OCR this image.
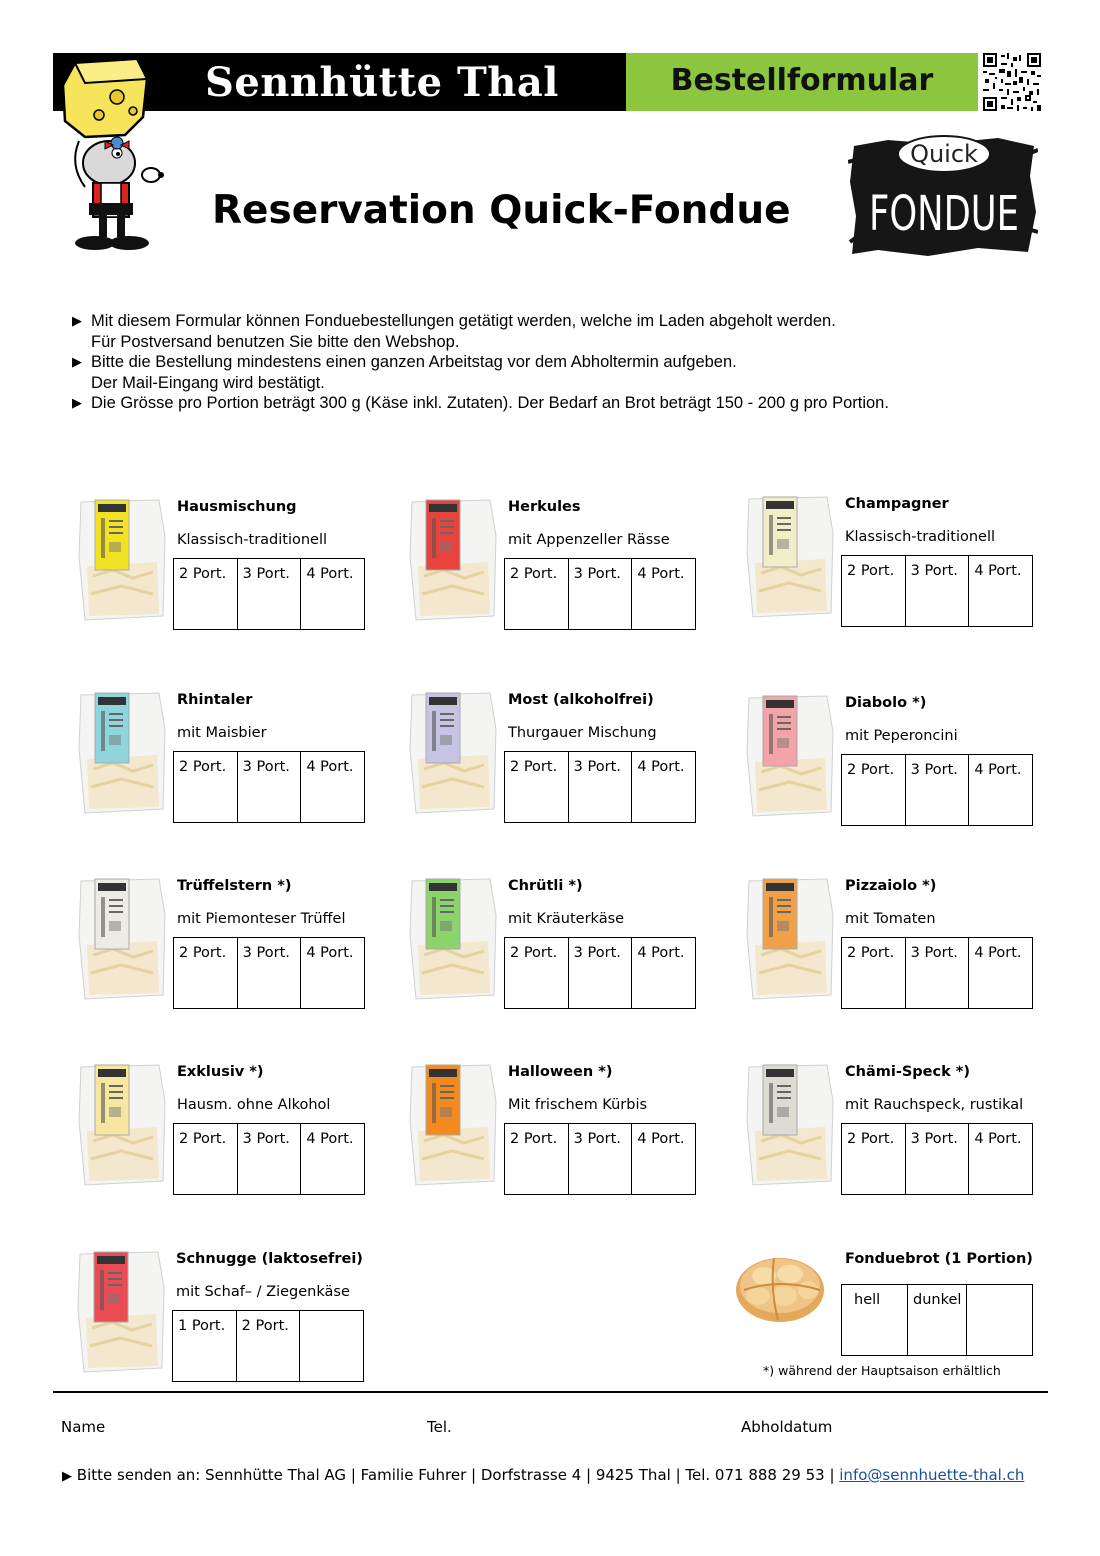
Sennhütte Thal	Bestellformular
Reservation Quick-Fondue
Quick
FONDUE
▶ Mit diesem Formular können Fonduebestellungen getätigt werden, welche im Laden abgeholt werden.
Für Postversand benutzen Sie bitte den Webshop.
▶ Bitte die Bestellung mindestens einen ganzen Arbeitstag vor dem Abholtermin aufgeben.
Der Mail-Eingang wird bestätigt.
▶ Die Grösse pro Portion beträgt 300 g (Käse inkl. Zutaten). Der Bedarf an Brot beträgt 150 - 200 g pro Portion.
Hausmischung
Klassisch-traditionell
2 Port.	3 Port.	4 Port.
Herkules
mit Appenzeller Rässe
2 Port.	3 Port.	4 Port.
Champagner
Klassisch-traditionell
2 Port.	3 Port.	4 Port.
Rhintaler
mit Maisbier
2 Port.	3 Port.	4 Port.
Most (alkoholfrei)
Thurgauer Mischung
2 Port.	3 Port.	4 Port.
Diabolo *)
mit Peperoncini
2 Port.	3 Port.	4 Port.
Trüffelstern *)
mit Piemonteser Trüffel
2 Port.	3 Port.	4 Port.
Chrütli *)
mit Kräuterkäse
2 Port.	3 Port.	4 Port.
Pizzaiolo *)
mit Tomaten
2 Port.	3 Port.	4 Port.
Exklusiv *)
Hausm. ohne Alkohol
2 Port.	3 Port.	4 Port.
Halloween *)
Mit frischem Kürbis
2 Port.	3 Port.	4 Port.
Chämi-Speck *)
mit Rauchspeck, rustikal
2 Port.	3 Port.	4 Port.
Schnugge (laktosefrei)
mit Schaf– / Ziegenkäse
1 Port.	2 Port.
Fonduebrot (1 Portion)
hell	dunkel
*) während der Hauptsaison erhältlich
Name	Tel.	Abholdatum
▶ Bitte senden an: Sennhütte Thal AG | Familie Fuhrer | Dorfstrasse 4 | 9425 Thal | Tel. 071 888 29 53 | info@sennhuette-thal.ch
